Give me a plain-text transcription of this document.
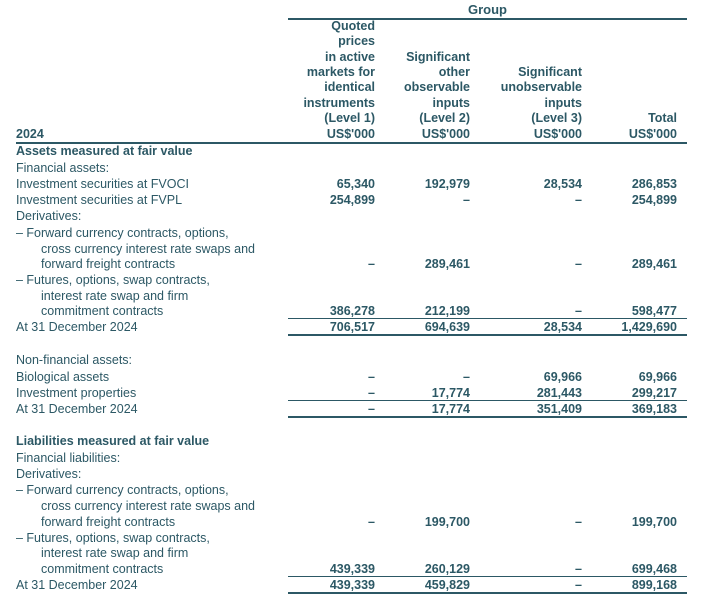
Group
Quoted
prices
in active
markets for
identical
instruments
(Level 1)
US$'000
Significant
other
observable
inputs
(Level 2)
US$'000
Significant
unobservable
inputs
(Level 3)
US$'000
Total
US$'000
2024
Assets measured at fair value
Financial assets:
Investment securities at FVOCI	65,340	192,979	28,534	286,853
Investment securities at FVPL	254,899	–	–	254,899
Derivatives:
– Forward currency contracts, options,
cross currency interest rate swaps and
forward freight contracts	–	289,461	–	289,461
– Futures, options, swap contracts,
interest rate swap and firm
commitment contracts	386,278	212,199	–	598,477
At 31 December 2024	706,517	694,639	28,534	1,429,690
Non-financial assets:
Biological assets	–	–	69,966	69,966
Investment properties	–	17,774	281,443	299,217
At 31 December 2024	–	17,774	351,409	369,183
Liabilities measured at fair value
Financial liabilities:
Derivatives:
– Forward currency contracts, options,
cross currency interest rate swaps and
forward freight contracts	–	199,700	–	199,700
– Futures, options, swap contracts,
interest rate swap and firm
commitment contracts	439,339	260,129	–	699,468
At 31 December 2024	439,339	459,829	–	899,168
